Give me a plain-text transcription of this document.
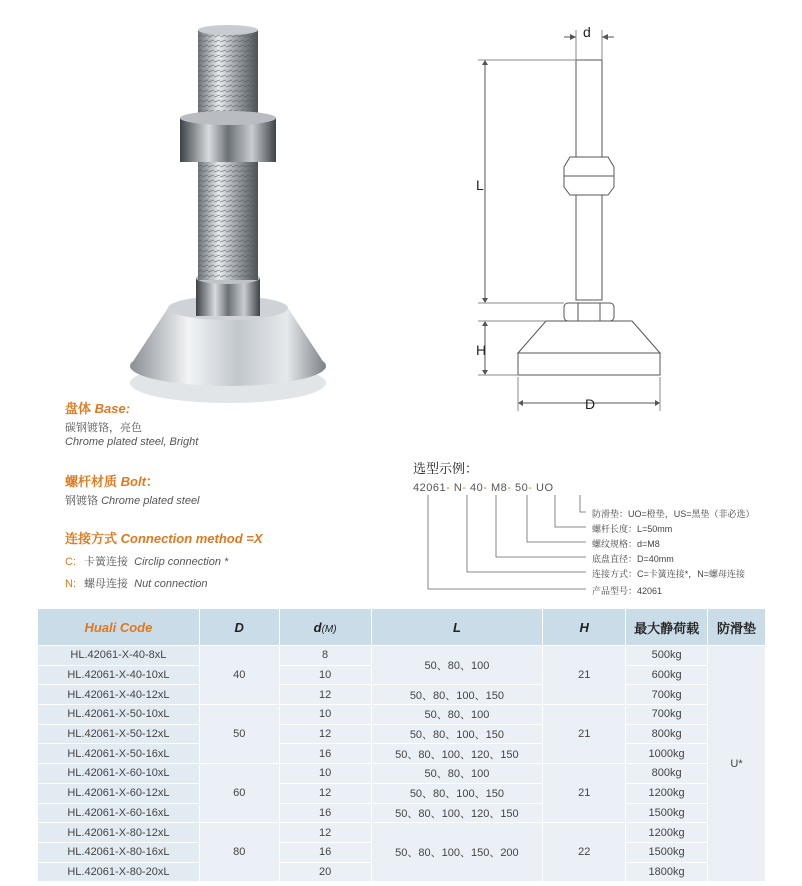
d
L
H
D
盘体 Base:
碳钢镀铬，亮色
Chrome plated steel, Bright
螺杆材质 Bolt：
钢镀铬 Chrome plated steel
连接方式 Connection method =X
C: 卡簧连接 Circlip connection *
N: 螺母连接 Nut connection
选型示例：
42061- N- 40- M8- 50- UO
防滑垫：UO=橙垫，US=黑垫（非必选）
螺杆长度：L=50mm
螺纹规格：d=M8
底盘直径：D=40mm
连接方式：C=卡簧连接*，N=螺母连接
产品型号：42061
Huali Code	D	d(M)	L	H	最大静荷载	防滑垫
HL.42061-X-40-8xL	40	8	50、80、100	21	500kg	U*
HL.42061-X-40-10xL		10			600kg	
HL.42061-X-40-12xL		12	50、80、100、150		700kg	
HL.42061-X-50-10xL	50	10	50、80、100	21	700kg	
HL.42061-X-50-12xL		12	50、80、100、150		800kg	
HL.42061-X-50-16xL		16	50、80、100、120、150		1000kg	
HL.42061-X-60-10xL	60	10	50、80、100	21	800kg	
HL.42061-X-60-12xL		12	50、80、100、150		1200kg	
HL.42061-X-60-16xL		16	50、80、100、120、150		1500kg	
HL.42061-X-80-12xL	80	12	50、80、100、150、200	22	1200kg	
HL.42061-X-80-16xL		16			1500kg	
HL.42061-X-80-20xL		20			1800kg	
